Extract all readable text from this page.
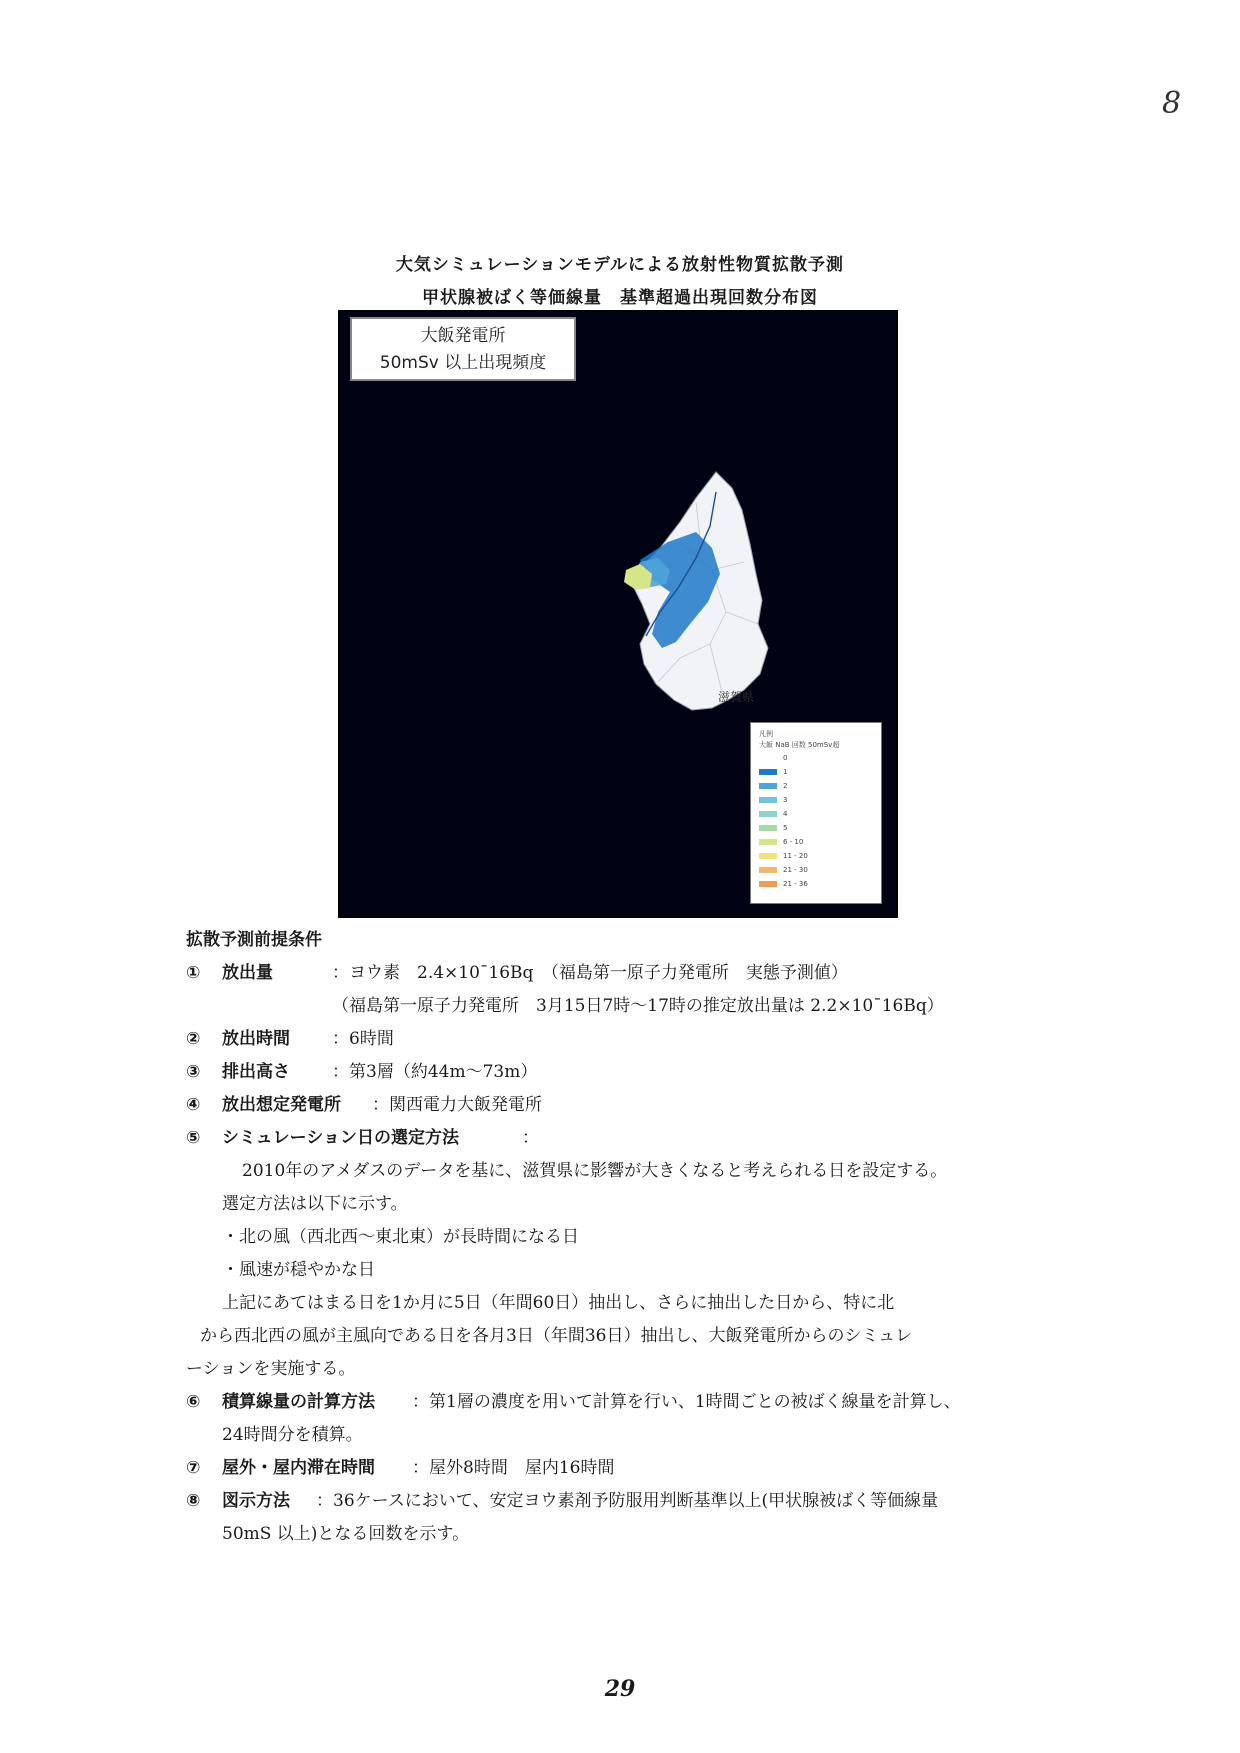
8
大気シミュレーションモデルによる放射性物質拡散予測
甲状腺被ばく等価線量　基準超過出現回数分布図
大飯発電所
50mSv 以上出現頻度
滋賀県
凡例
大飯 NaB 回数 50mSv超
0
1
2
3
4
5
6 - 10
11 - 20
21 - 30
21 - 36

拡散予測前提条件

①	放出量	：ヨウ素　2.4×10ˉ16Bq　（福島第一原子力発電所　実態予測値）

（福島第一原子力発電所　3月15日7時～17時の推定放出量は 2.2×10ˉ16Bq）

②	放出時間	：6時間
③	排出高さ	：第3層（約44m～73m）
④	放出想定発電所	：関西電力大飯発電所
⑤	シミュレーション日の選定方法	：

2010年のアメダスのデータを基に、滋賀県に影響が大きくなると考えられる日を設定する。

選定方法は以下に示す。

・北の風（西北西～東北東）が長時間になる日

・風速が穏やかな日

上記にあてはまる日を1か月に5日（年間60日）抽出し、さらに抽出した日から、特に北

から西北西の風が主風向である日を各月3日（年間36日）抽出し、大飯発電所からのシミュレ

ーションを実施する。

⑥	積算線量の計算方法	：第1層の濃度を用いて計算を行い、1時間ごとの被ばく線量を計算し、

24時間分を積算。

⑦	屋外・屋内滞在時間	：屋外8時間　屋内16時間
⑧	図示方法	：36ケースにおいて、安定ヨウ素剤予防服用判断基準以上(甲状腺被ばく等価線量

50mS 以上)となる回数を示す。

29
